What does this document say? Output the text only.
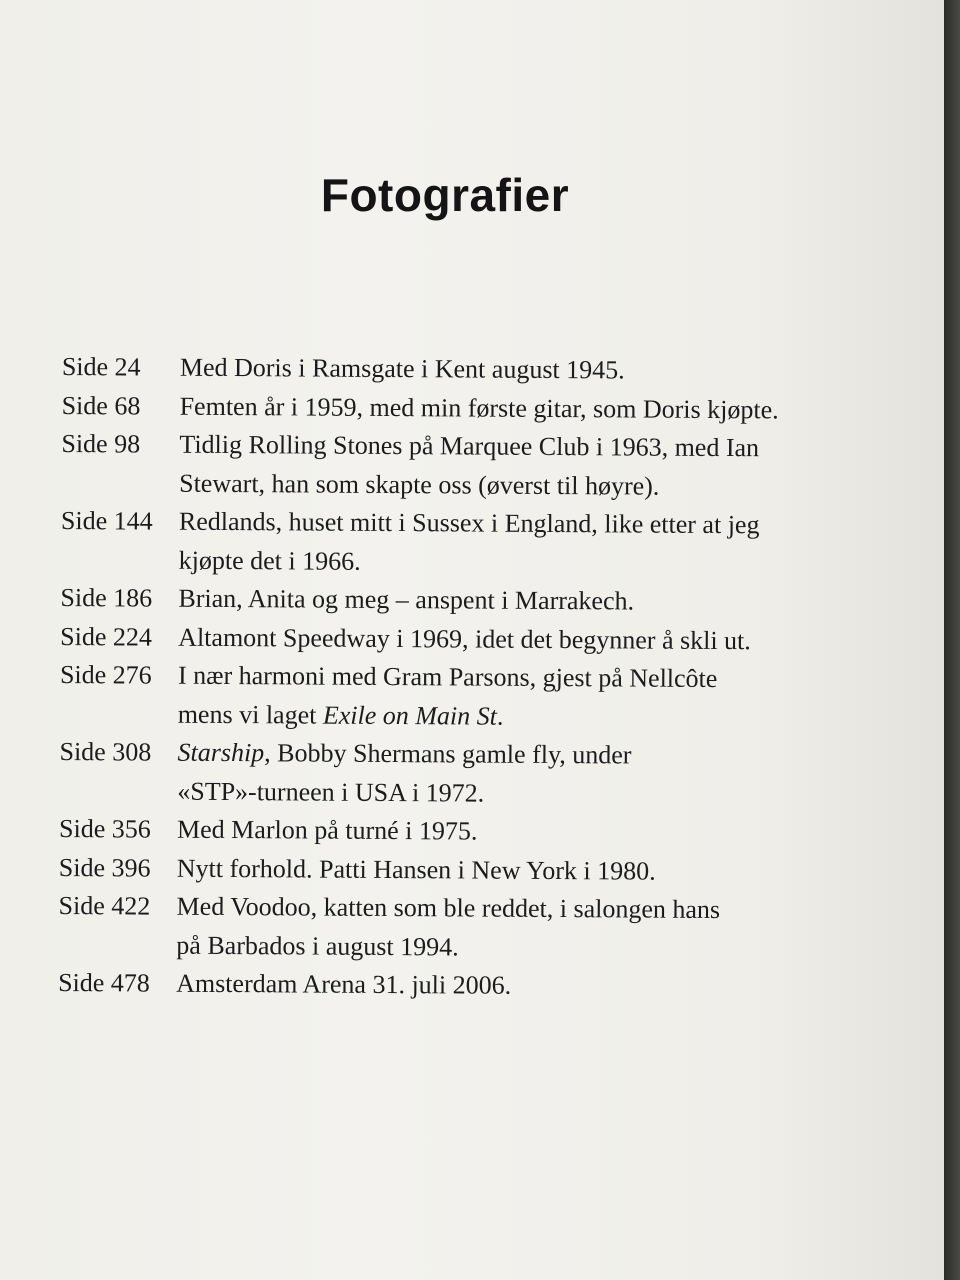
Fotografier
Side 24	Med Doris i Ramsgate i Kent august 1945.
Side 68	Femten år i 1959, med min første gitar, som Doris kjøpte.
Side 98	Tidlig Rolling Stones på Marquee Club i 1963, med Ian
Stewart, han som skapte oss (øverst til høyre).
Side 144	Redlands, huset mitt i Sussex i England, like etter at jeg
kjøpte det i 1966.
Side 186	Brian, Anita og meg – anspent i Marrakech.
Side 224	Altamont Speedway i 1969, idet det begynner å skli ut.
Side 276	I nær harmoni med Gram Parsons, gjest på Nellcôte
mens vi laget Exile on Main St.
Side 308	Starship, Bobby Shermans gamle fly, under
«STP»-turneen i USA i 1972.
Side 356	Med Marlon på turné i 1975.
Side 396	Nytt forhold. Patti Hansen i New York i 1980.
Side 422	Med Voodoo, katten som ble reddet, i salongen hans
på Barbados i august 1994.
Side 478	Amsterdam Arena 31. juli 2006.
